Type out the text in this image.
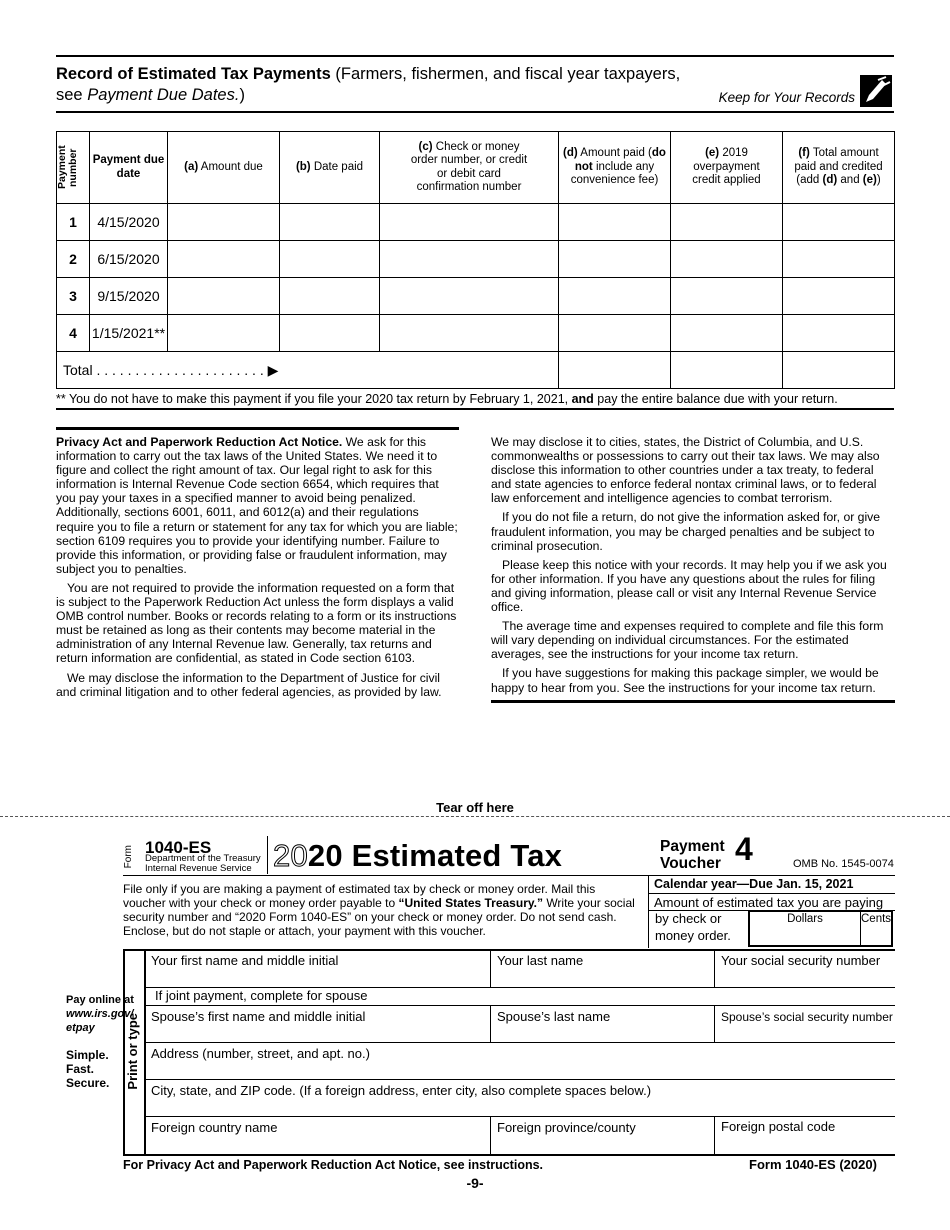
Record of Estimated Tax Payments (Farmers, fishermen, and fiscal year taxpayers, see Payment Due Dates.)	Keep for Your Records
Payment number	Payment due date	(a) Amount due	(b) Date paid	(c) Check or money order number, or credit or debit card confirmation number	(d) Amount paid (do not include any convenience fee)	(e) 2019 overpayment credit applied	(f) Total amount paid and credited (add (d) and (e))

1	4/15/2020						
2	6/15/2020						
3	9/15/2020						
4	1/15/2021**						
Total . . . . . . . . . . . . . . . . . . . . . . ▶							
** You do not have to make this payment if you file your 2020 tax return by February 1, 2021, and pay the entire balance due with your return.

Privacy Act and Paperwork Reduction Act Notice. We ask for this information to carry out the tax laws of the United States. We need it to figure and collect the right amount of tax. Our legal right to ask for this information is Internal Revenue Code section 6654, which requires that you pay your taxes in a specified manner to avoid being penalized. Additionally, sections 6001, 6011, and 6012(a) and their regulations require you to file a return or statement for any tax for which you are liable; section 6109 requires you to provide your identifying number. Failure to provide this information, or providing false or fraudulent information, may subject you to penalties.

You are not required to provide the information requested on a form that is subject to the Paperwork Reduction Act unless the form displays a valid OMB control number. Books or records relating to a form or its instructions must be retained as long as their contents may become material in the administration of any Internal Revenue law. Generally, tax returns and return information are confidential, as stated in Code section 6103.

We may disclose the information to the Department of Justice for civil and criminal litigation and to other federal agencies, as provided by law.

We may disclose it to cities, states, the District of Columbia, and U.S. commonwealths or possessions to carry out their tax laws. We may also disclose this information to other countries under a tax treaty, to federal and state agencies to enforce federal nontax criminal laws, or to federal law enforcement and intelligence agencies to combat terrorism.

If you do not file a return, do not give the information asked for, or give fraudulent information, you may be charged penalties and be subject to criminal prosecution.

Please keep this notice with your records. It may help you if we ask you for other information. If you have any questions about the rules for filing and giving information, please call or visit any Internal Revenue Service office.

The average time and expenses required to complete and file this form will vary depending on individual circumstances. For the estimated averages, see the instructions for your income tax return.

If you have suggestions for making this package simpler, we would be happy to hear from you. See the instructions for your income tax return.

Tear off here
Form 1040-ES
Department of the Treasury
Internal Revenue Service 2020 Estimated Tax	Payment
Voucher 4	OMB No. 1545-0074
File only if you are making a payment of estimated tax by check or money order. Mail this voucher with your check or money order payable to “United States Treasury.” Write your social security number and “2020 Form 1040-ES” on your check or money order. Do not send cash. Enclose, but do not staple or attach, your payment with this voucher.
Calendar year—Due Jan. 15, 2021
Amount of estimated tax you are paying
by check or
money order.
Dollars	Cents
Print or type
Pay online at
www.irs.gov/
etpay
Simple.
Fast.
Secure.
Your first name and middle initial	Your last name	Your social security number
If joint payment, complete for spouse
Spouse’s first name and middle initial	Spouse’s last name	Spouse’s social security number
Address (number, street, and apt. no.)
City, state, and ZIP code. (If a foreign address, enter city, also complete spaces below.)
Foreign country name	Foreign province/county	Foreign postal code
For Privacy Act and Paperwork Reduction Act Notice, see instructions.	Form 1040-ES (2020)
-9-
